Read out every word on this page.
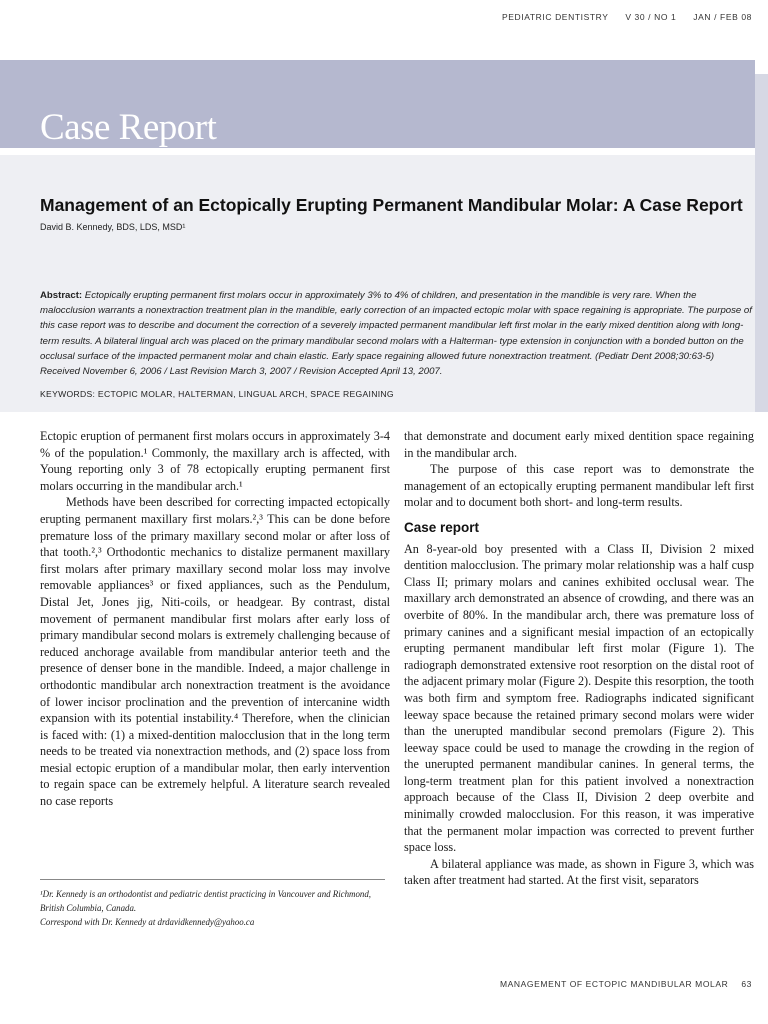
PEDIATRIC DENTISTRY V 30 / NO 1 JAN / FEB 08
Case Report
Management of an Ectopically Erupting Permanent Mandibular Molar: A Case Report
David B. Kennedy, BDS, LDS, MSD¹

Abstract: Ectopically erupting permanent first molars occur in approximately 3% to 4% of children, and presentation in the mandible is very rare. When the malocclusion warrants a nonextraction treatment plan in the mandible, early correction of an impacted ectopic molar with space regaining is appropriate. The purpose of this case report was to describe and document the correction of a severely impacted permanent mandibular left first molar in the early mixed dentition along with long-term results. A bilateral lingual arch was placed on the primary mandibular second molars with a Halterman- type extension in conjunction with a bonded button on the occlusal surface of the impacted permanent molar and chain elastic. Early space regaining allowed future nonextraction treatment. (Pediatr Dent 2008;30:63-5) Received November 6, 2006 / Last Revision March 3, 2007 / Revision Accepted April 13, 2007.

KEYWORDS: ECTOPIC MOLAR, HALTERMAN, LINGUAL ARCH, SPACE REGAINING

Ectopic eruption of permanent first molars occurs in approximately 3-4 % of the population.¹ Commonly, the maxillary arch is affected, with Young reporting only 3 of 78 ectopically erupting permanent first molars occurring in the mandibular arch.¹

Methods have been described for correcting impacted ectopically erupting permanent maxillary first molars.²,³ This can be done before premature loss of the primary maxillary second molar or after loss of that tooth.²,³ Orthodontic mechanics to distalize permanent maxillary first molars after primary maxillary second molar loss may involve removable appliances³ or fixed appliances, such as the Pendulum, Distal Jet, Jones jig, Niti-coils, or headgear. By contrast, distal movement of permanent mandibular first molars after early loss of primary mandibular second molars is extremely challenging because of reduced anchorage available from mandibular anterior teeth and the presence of denser bone in the mandible. Indeed, a major challenge in orthodontic mandibular arch nonextraction treatment is the avoidance of lower incisor proclination and the prevention of intercanine width expansion with its potential instability.⁴ Therefore, when the clinician is faced with: (1) a mixed-dentition malocclusion that in the long term needs to be treated via nonextraction methods, and (2) space loss from mesial ectopic eruption of a mandibular molar, then early intervention to regain space can be extremely helpful. A literature search revealed no case reports

that demonstrate and document early mixed dentition space regaining in the mandibular arch.

The purpose of this case report was to demonstrate the management of an ectopically erupting permanent mandibular left first molar and to document both short- and long-term results.

Case report

An 8-year-old boy presented with a Class II, Division 2 mixed dentition malocclusion. The primary molar relationship was a half cusp Class II; primary molars and canines exhibited occlusal wear. The maxillary arch demonstrated an absence of crowding, and there was an overbite of 80%. In the mandibular arch, there was premature loss of primary canines and a significant mesial impaction of an ectopically erupting permanent mandibular left first molar (Figure 1). The radiograph demonstrated extensive root resorption on the distal root of the adjacent primary molar (Figure 2). Despite this resorption, the tooth was both firm and symptom free. Radiographs indicated significant leeway space because the retained primary second molars were wider than the unerupted mandibular second premolars (Figure 2). This leeway space could be used to manage the crowding in the region of the unerupted permanent mandibular canines. In general terms, the long-term treatment plan for this patient involved a nonextraction approach because of the Class II, Division 2 deep overbite and minimally crowded malocclusion. For this reason, it was imperative that the permanent molar impaction was corrected to prevent further space loss.

A bilateral appliance was made, as shown in Figure 3, which was taken after treatment had started. At the first visit, separators

¹Dr. Kennedy is an orthodontist and pediatric dentist practicing in Vancouver and Richmond, British Columbia, Canada.
Correspond with Dr. Kennedy at drdavidkennedy@yahoo.ca

MANAGEMENT OF ECTOPIC MANDIBULAR MOLAR 63
